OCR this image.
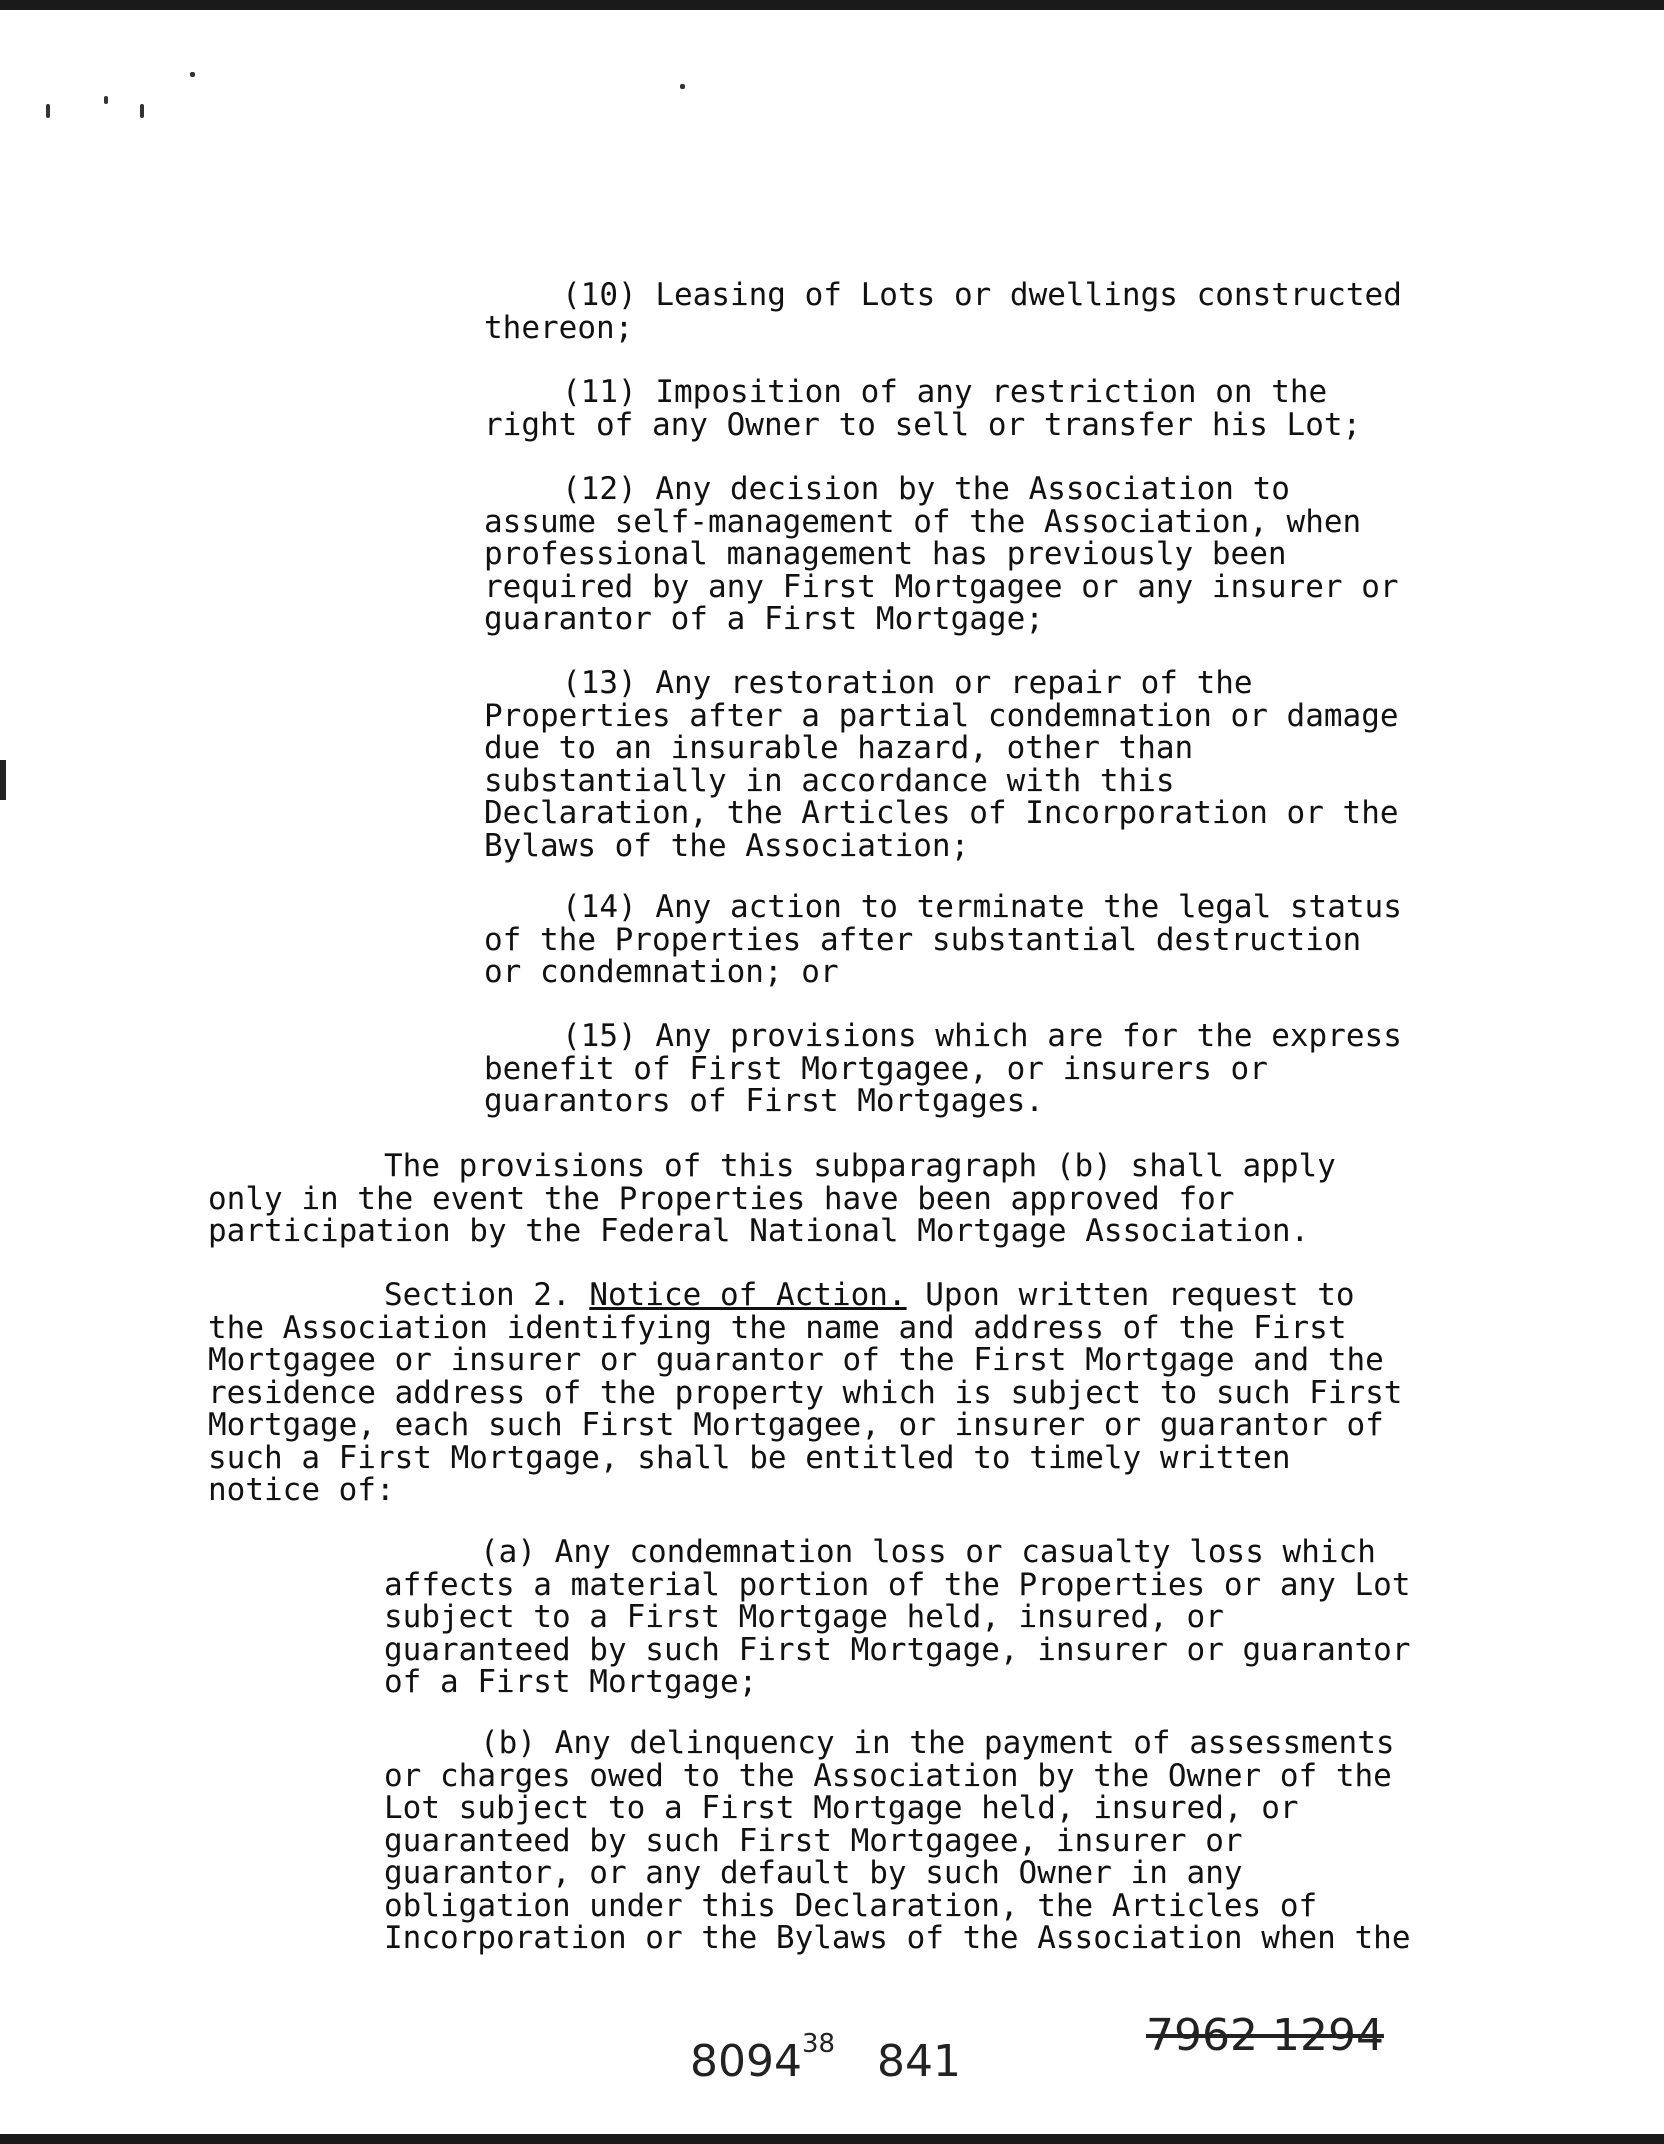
(10) Leasing of Lots or dwellings constructed thereon;

(11) Imposition of any restriction on the right of any Owner to sell or transfer his Lot;

(12) Any decision by the Association to assume self-management of the Association, when professional management has previously been required by any First Mortgagee or any insurer or guarantor of a First Mortgage;

(13) Any restoration or repair of the Properties after a partial condemnation or damage due to an insurable hazard, other than substantially in accordance with this Declaration, the Articles of Incorporation or the Bylaws of the Association;

(14) Any action to terminate the legal status of the Properties after substantial destruction or condemnation; or

(15) Any provisions which are for the express benefit of First Mortgagee, or insurers or guarantors of First Mortgages.

The provisions of this subparagraph (b) shall apply only in the event the Properties have been approved for participation by the Federal National Mortgage Association.

Section 2. Notice of Action. Upon written request to the Association identifying the name and address of the First Mortgagee or insurer or guarantor of the First Mortgage and the residence address of the property which is subject to such First Mortgage, each such First Mortgagee, or insurer or guarantor of such a First Mortgage, shall be entitled to timely written notice of:

(a) Any condemnation loss or casualty loss which affects a material portion of the Properties or any Lot subject to a First Mortgage held, insured, or guaranteed by such First Mortgage, insurer or guarantor of a First Mortgage;

(b) Any delinquency in the payment of assessments or charges owed to the Association by the Owner of the Lot subject to a First Mortgage held, insured, or guaranteed by such First Mortgagee, insurer or guarantor, or any default by such Owner in any obligation under this Declaration, the Articles of Incorporation or the Bylaws of the Association when the

8094$^{38}$ 841
7962 1294
